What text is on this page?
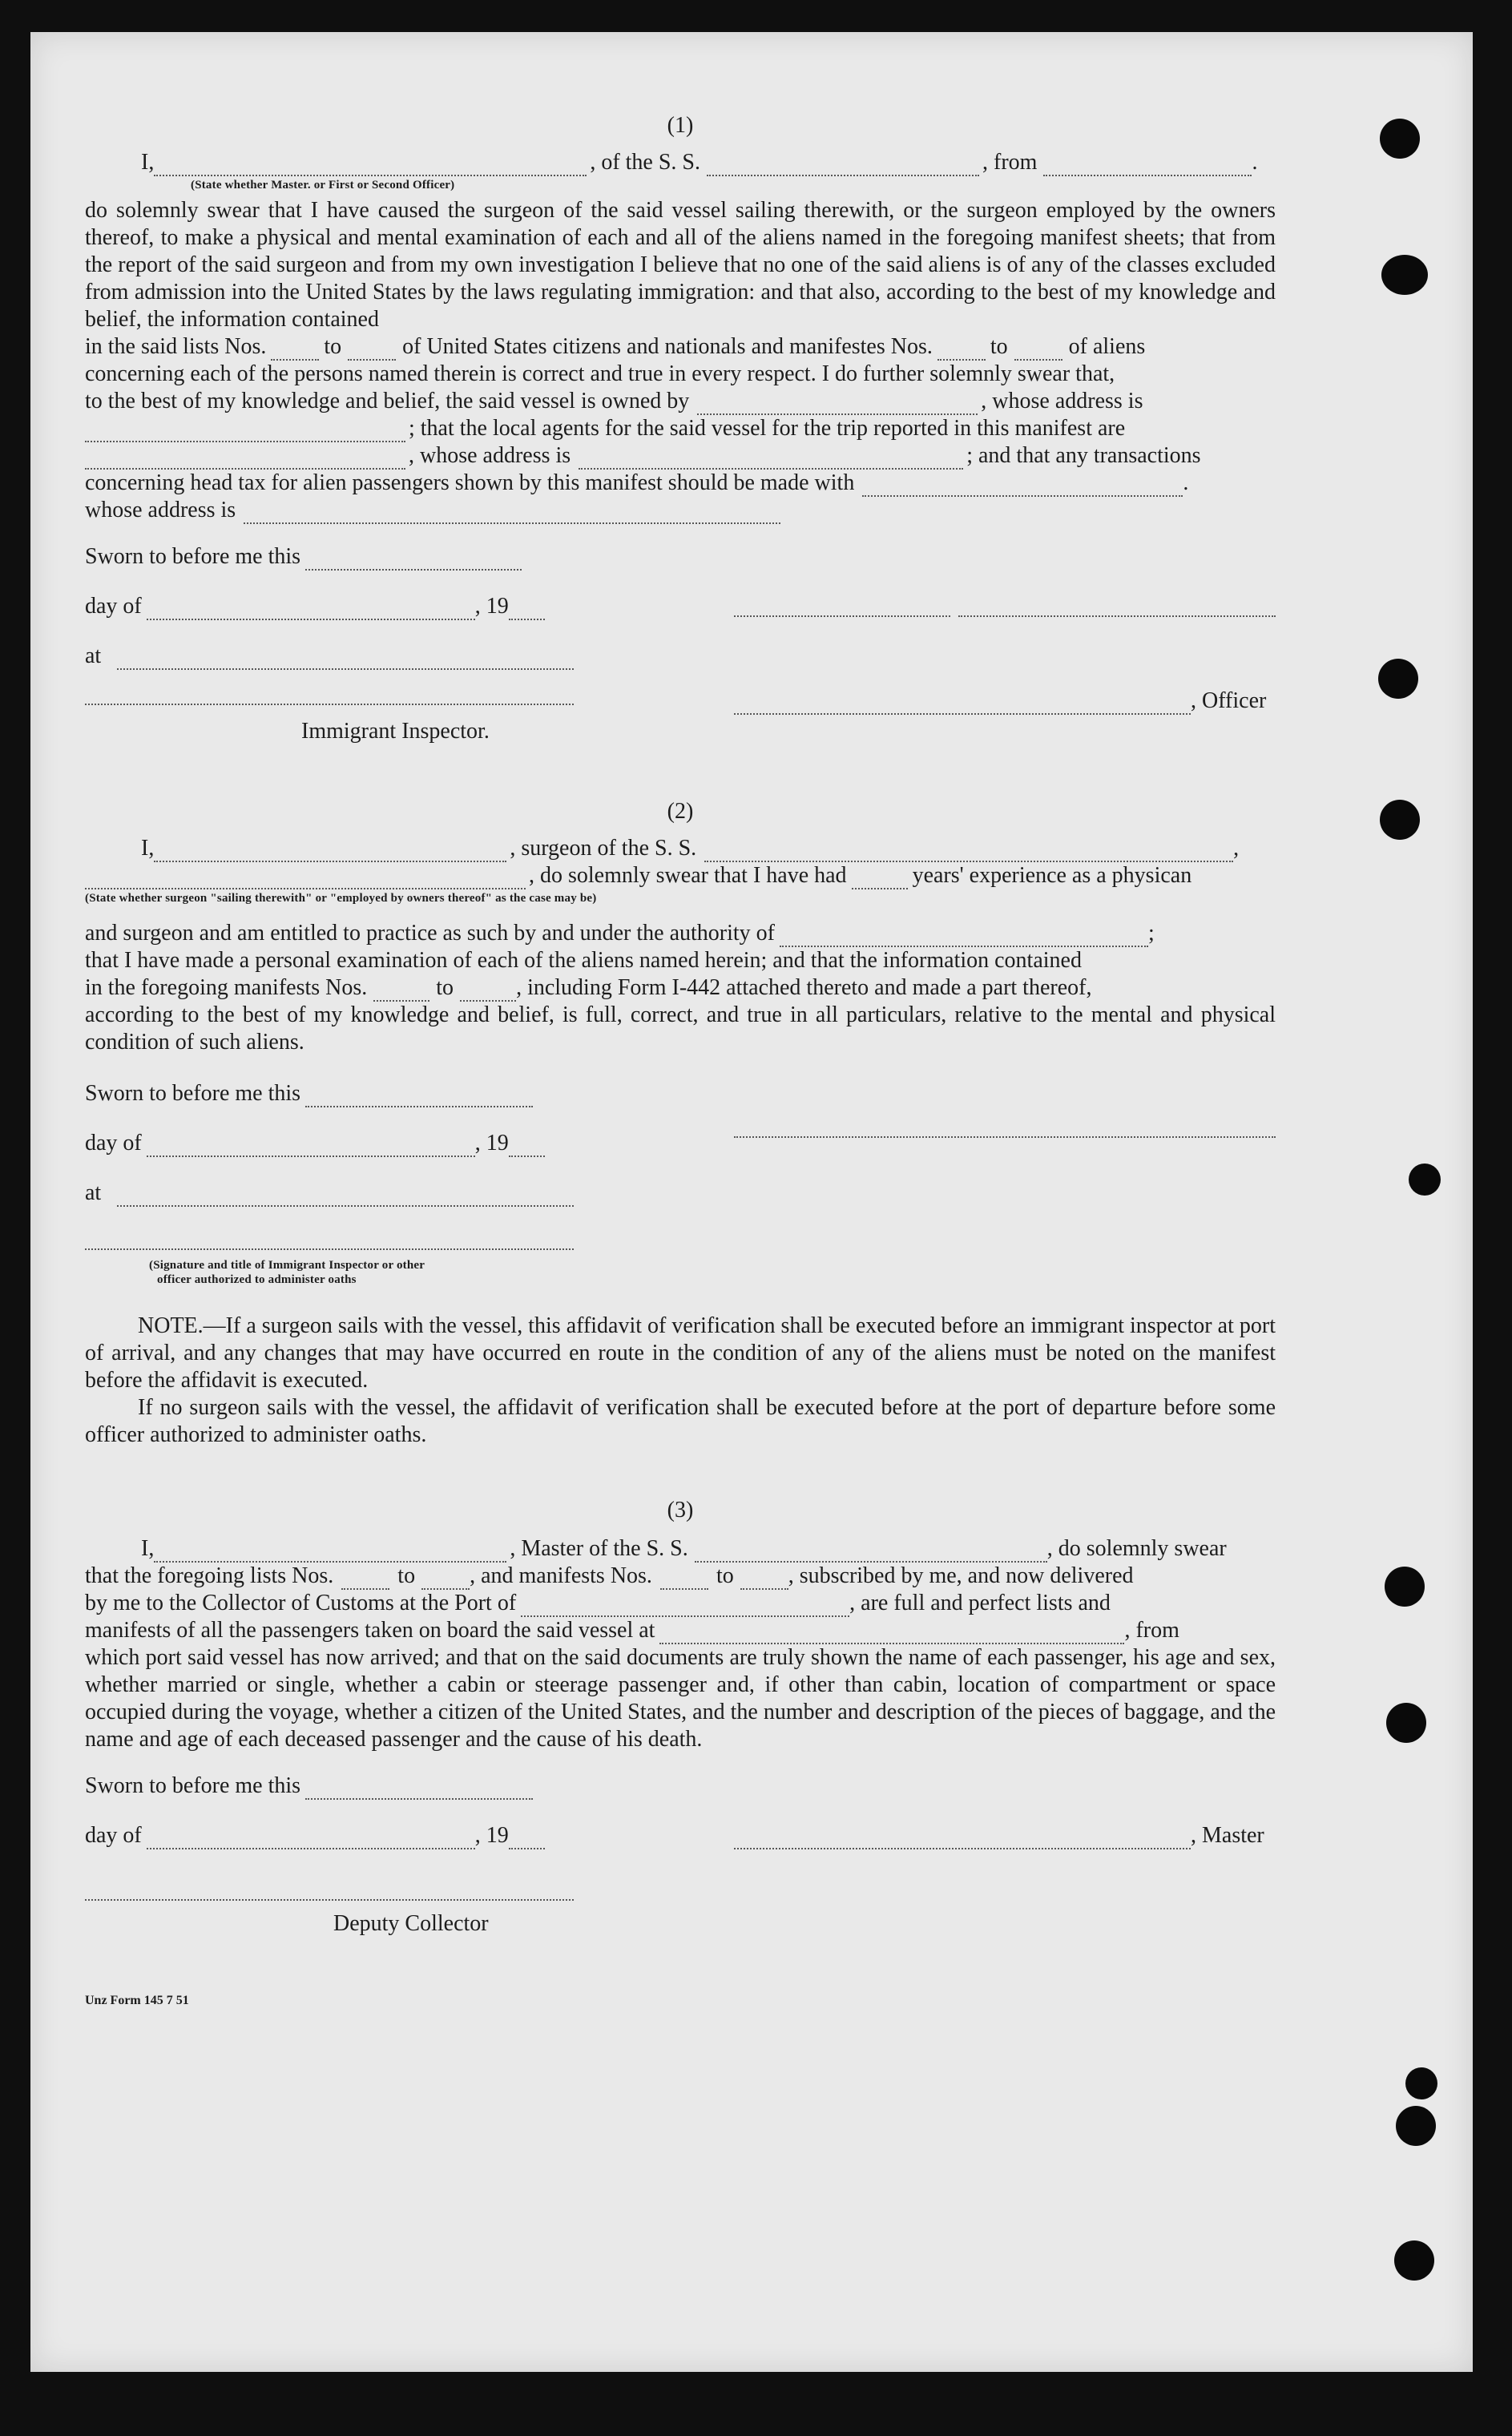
(1)
I,	, of the S. S.	, from	.
(State whether Master. or First or Second Officer)

do solemnly swear that I have caused the surgeon of the said vessel sailing therewith, or the surgeon employed by the owners thereof, to make a physical and mental examination of each and all of the aliens named in the foregoing manifest sheets; that from the report of the said surgeon and from my own investigation I believe that no one of the said aliens is of any of the classes excluded from admission into the United States by the laws regulating immigration: and that also, according to the best of my knowledge and belief, the information contained

in the said lists Nos.	to	of United States citizens and nationals and manifestes Nos.	to	of aliens

concerning each of the persons named therein is correct and true in every respect. I do further solemnly swear that,

to the best of my knowledge and belief, the said vessel is owned by	, whose address is
; that the local agents for the said vessel for the trip reported in this manifest are
, whose address is	; and that any transactions
concerning head tax for alien passengers shown by this manifest should be made with	.
whose address is
Sworn to before me this
day of	, 19
at
Immigrant Inspector.
, Officer
(2)
I,	, surgeon of the S. S.	,
, do solemnly swear that I have had	years' experience as a physican
(State whether surgeon "sailing therewith" or "employed by owners thereof" as the case may be)
and surgeon and am entitled to practice as such by and under the authority of	;

that I have made a personal examination of each of the aliens named herein; and that the information contained

in the foregoing manifests Nos.	to	, including Form I-442 attached thereto and made a part thereof,

according to the best of my knowledge and belief, is full, correct, and true in all particulars, relative to the mental and physical condition of such aliens.

Sworn to before me this
day of	, 19
at
(Signature and title of Immigrant Inspector or other
officer authorized to administer oaths

NOTE.—If a surgeon sails with the vessel, this affidavit of verification shall be executed before an immigrant inspector at port of arrival, and any changes that may have occurred en route in the condition of any of the aliens must be noted on the manifest before the affidavit is executed.

If no surgeon sails with the vessel, the affidavit of verification shall be executed before at the port of departure before some officer authorized to administer oaths.

(3)
I,	, Master of the S. S.	, do solemnly swear
that the foregoing lists Nos.	to , and manifests Nos.	to , subscribed by me, and now delivered
by me to the Collector of Customs at the Port of	, are full and perfect lists and
manifests of all the passengers taken on board the said vessel at	, from

which port said vessel has now arrived; and that on the said documents are truly shown the name of each passenger, his age and sex, whether married or single, whether a cabin or steerage passenger and, if other than cabin, location of compartment or space occupied during the voyage, whether a citizen of the United States, and the number and description of the pieces of baggage, and the name and age of each deceased passenger and the cause of his death.

Sworn to before me this
day of	, 19	, Master
Deputy Collector
Unz Form 145 7 51
